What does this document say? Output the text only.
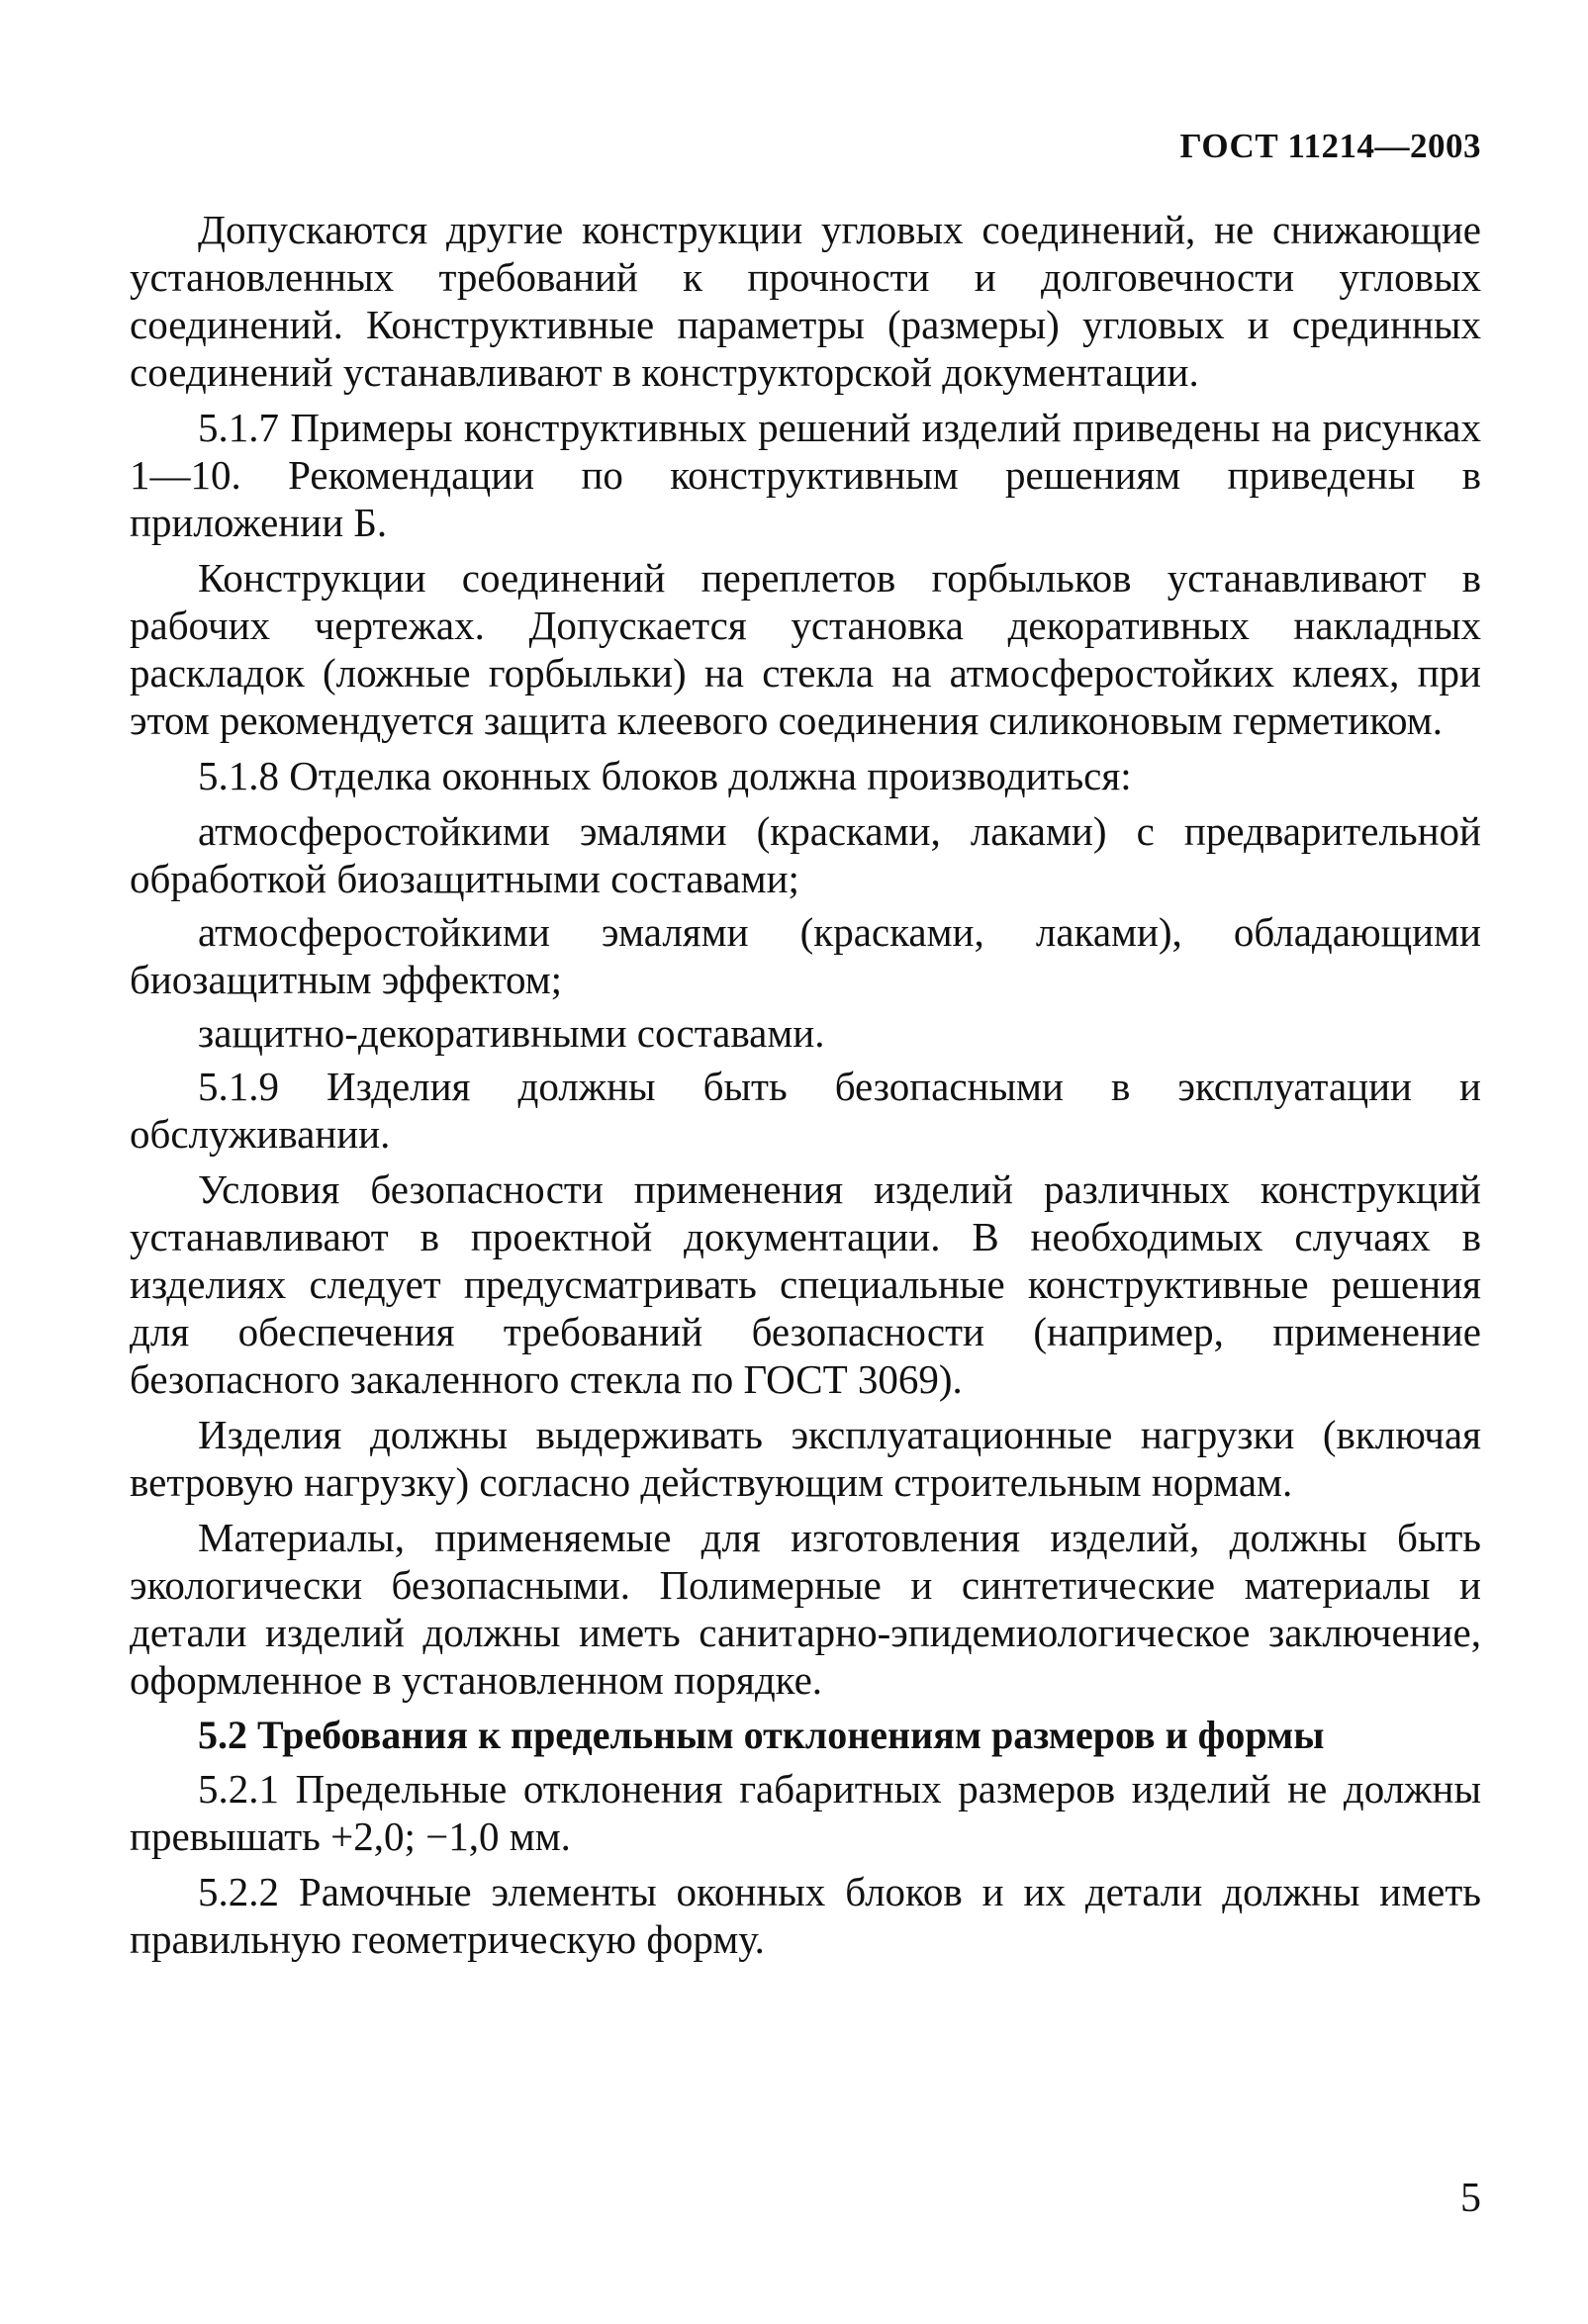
ГОСТ 11214—2003

Допускаются другие конструкции угловых соединений, не снижающие установленных требований к прочности и долговечности угловых соединений. Конструктивные параметры (размеры) угловых и срединных соединений устанавливают в конструкторской документации.

5.1.7 Примеры конструктивных решений изделий приведены на рисунках 1—10. Рекомендации по конструктивным решениям приведены в приложении Б.

Конструкции соединений переплетов горбыльков устанавливают в рабочих чертежах. Допускается установка декоративных накладных раскладок (ложные горбыльки) на стекла на атмосферостойких клеях, при этом рекомендуется защита клеевого соединения силиконовым герметиком.

5.1.8 Отделка оконных блоков должна производиться:

атмосферостойкими эмалями (красками, лаками) с предварительной обработкой биозащитными составами;

атмосферостойкими эмалями (красками, лаками), обладающими биозащитным эффектом;

защитно-декоративными составами.

5.1.9 Изделия должны быть безопасными в эксплуатации и обслуживании.

Условия безопасности применения изделий различных конструкций устанавливают в проектной документации. В необходимых случаях в изделиях следует предусматривать специальные конструктивные решения для обеспечения требований безопасности (например, применение безопасного закаленного стекла по ГОСТ 3069).

Изделия должны выдерживать эксплуатационные нагрузки (включая ветровую нагрузку) согласно действующим строительным нормам.

Материалы, применяемые для изготовления изделий, должны быть экологически безопасными. Полимерные и синтетические материалы и детали изделий должны иметь санитарно-эпидемиологическое заключение, оформленное в установленном порядке.

5.2 Требования к предельным отклонениям размеров и формы

5.2.1 Предельные отклонения габаритных размеров изделий не должны превышать +2,0; −1,0 мм.

5.2.2 Рамочные элементы оконных блоков и их детали должны иметь правильную геометрическую форму.

5
